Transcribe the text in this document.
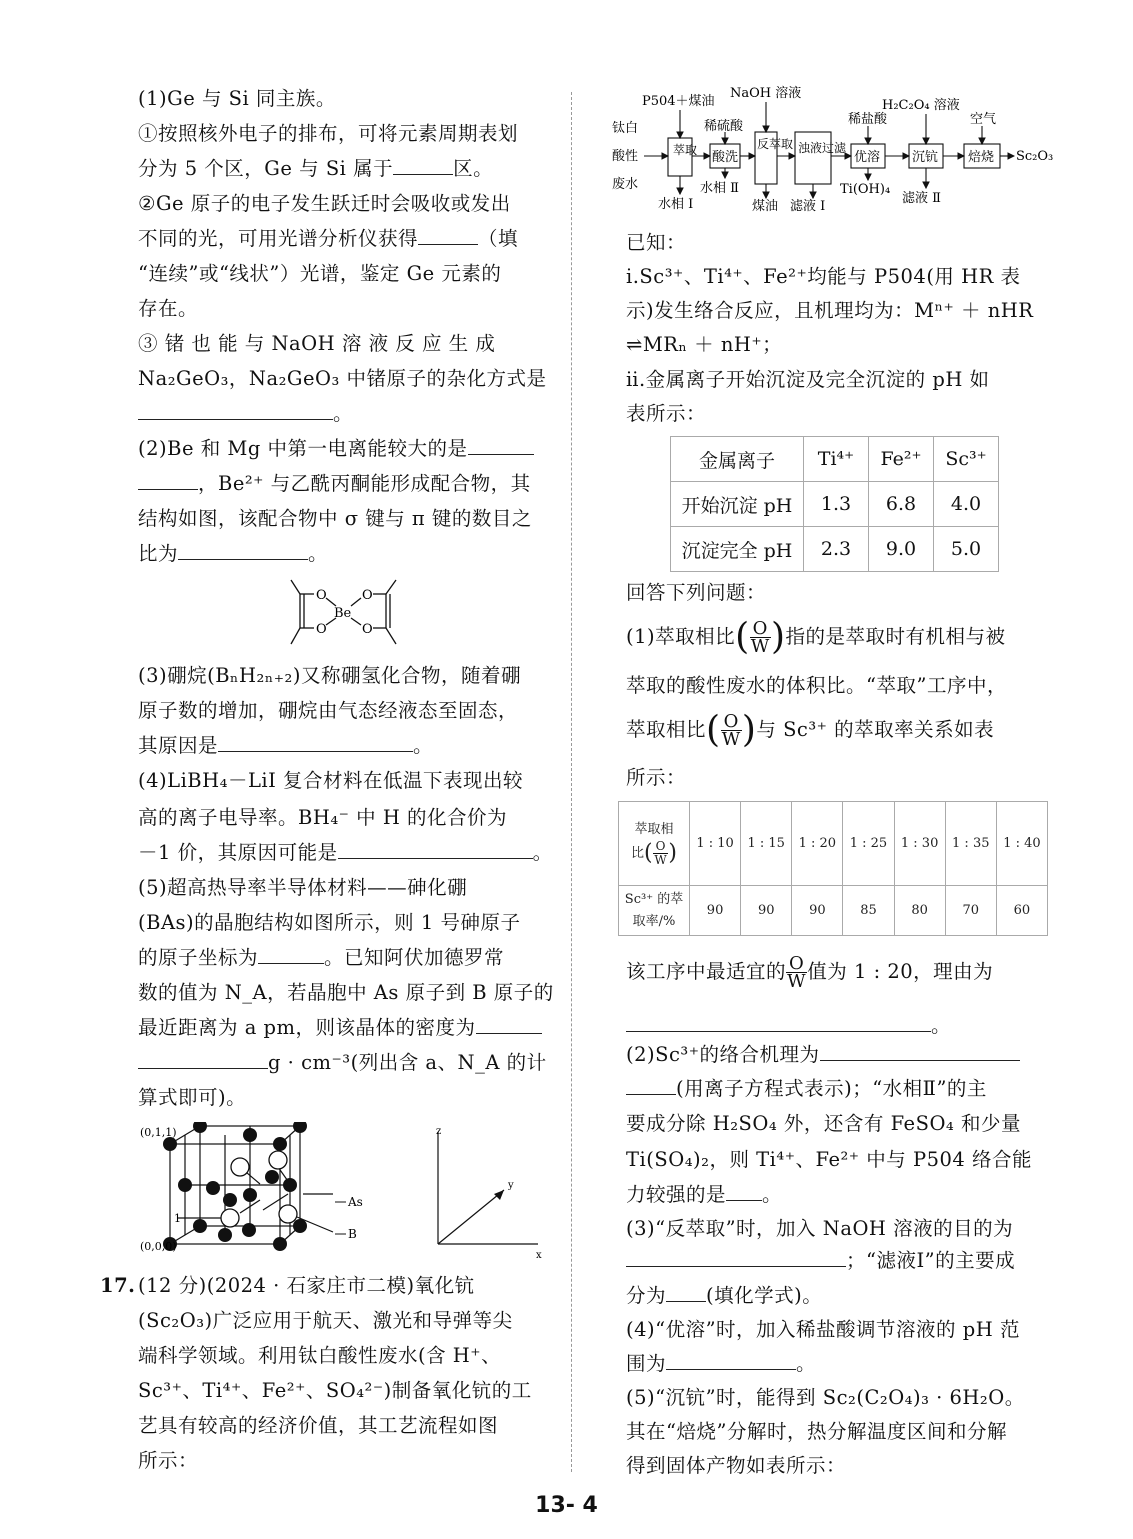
(1)Ge 与 Si 同主族。
①按照核外电子的排布，可将元素周期表划
分为 5 个区，Ge 与 Si 属于	区。
②Ge 原子的电子发生跃迁时会吸收或发出
不同的光，可用光谱分析仪获得	（填
“连续”或“线状”）光谱，鉴定 Ge 元素的
存在。
③ 锗 也 能 与 NaOH 溶 液 反 应 生 成
Na₂GeO₃，Na₂GeO₃ 中锗原子的杂化方式是
。
(2)Be 和 Mg 中第一电离能较大的是
，Be²⁺ 与乙酰丙酮能形成配合物，其
结构如图，该配合物中 σ 键与 π 键的数目之
比为	。
O
O
Be
O
O
(3)硼烷(BₙH₂ₙ₊₂)又称硼氢化合物，随着硼
原子数的增加，硼烷由气态经液态至固态，
其原因是	。
(4)LiBH₄－LiI 复合材料在低温下表现出较
高的离子电导率。BH₄⁻ 中 H 的化合价为
－1 价，其原因可能是	。
(5)超高热导率半导体材料——砷化硼
(BAs)的晶胞结构如图所示，则 1 号砷原子
的原子坐标为	。已知阿伏加德罗常
数的值为 N_A，若晶胞中 As 原子到 B 原子的
最近距离为 a pm，则该晶体的密度为
g · cm⁻³(列出含 a、N_A 的计
算式即可)。
(0,1,1)
(0,0,0)
1
As
B
z
y
x
17. (12 分)(2024 · 石家庄市二模)氧化钪
(Sc₂O₃)广泛应用于航天、激光和导弹等尖
端科学领域。利用钛白酸性废水(含 H⁺、
Sc³⁺、Ti⁴⁺、Fe²⁺、SO₄²⁻)制备氧化钪的工
艺具有较高的经济价值，其工艺流程如图
所示：
P504＋煤油
NaOH 溶液
稀硫酸
H₂C₂O₄ 溶液
稀盐酸	空气
钛白
酸性
废水
萃取 酸洗
反萃取 浊液过滤
优溶 沉钪 焙烧 Sc₂O₃
水相 Ⅰ
水相 Ⅱ
煤油 滤液 Ⅰ
Ti(OH)₄
滤液 Ⅱ
已知：
ⅰ.Sc³⁺、Ti⁴⁺、Fe²⁺均能与 P504(用 HR 表
示)发生络合反应，且机理均为：Mⁿ⁺ ＋ nHR
⇌MRₙ ＋ nH⁺；
ⅱ.金属离子开始沉淀及完全沉淀的 pH 如
表所示：
金属离子	Ti⁴⁺	Fe²⁺	Sc³⁺
开始沉淀 pH	1.3	6.8	4.0
沉淀完全 pH	2.3	9.0	5.0
回答下列问题：
(1)萃取相比( $\frac{O}{W}$)指的是萃取时有机相与被
萃取的酸性废水的体积比。“萃取”工序中，
萃取相比( $\frac{O}{W}$)与 Sc³⁺ 的萃取率关系如表
所示：
萃取相
比( $\frac{O}{W}$)	1 : 10	1 : 15	1 : 20	1 : 25	1 : 30	1 : 35	1 : 40

Sc³⁺ 的萃
取率/%	90	90	90	85	80	70	60
该工序中最适宜的 $\frac{O}{W}$值为 1 : 20，理由为
。
(2)Sc³⁺的络合机理为
(用离子方程式表示)；“水相Ⅱ”的主
要成分除 H₂SO₄ 外，还含有 FeSO₄ 和少量
Ti(SO₄)₂，则 Ti⁴⁺、Fe²⁺ 中与 P504 络合能
力较强的是 。
(3)“反萃取”时，加入 NaOH 溶液的目的为
；“滤液Ⅰ”的主要成
分为 (填化学式)。
(4)“优溶”时，加入稀盐酸调节溶液的 pH 范
围为	。
(5)“沉钪”时，能得到 Sc₂(C₂O₄)₃ · 6H₂O。
其在“焙烧”分解时，热分解温度区间和分解
得到固体产物如表所示：
13- 4
